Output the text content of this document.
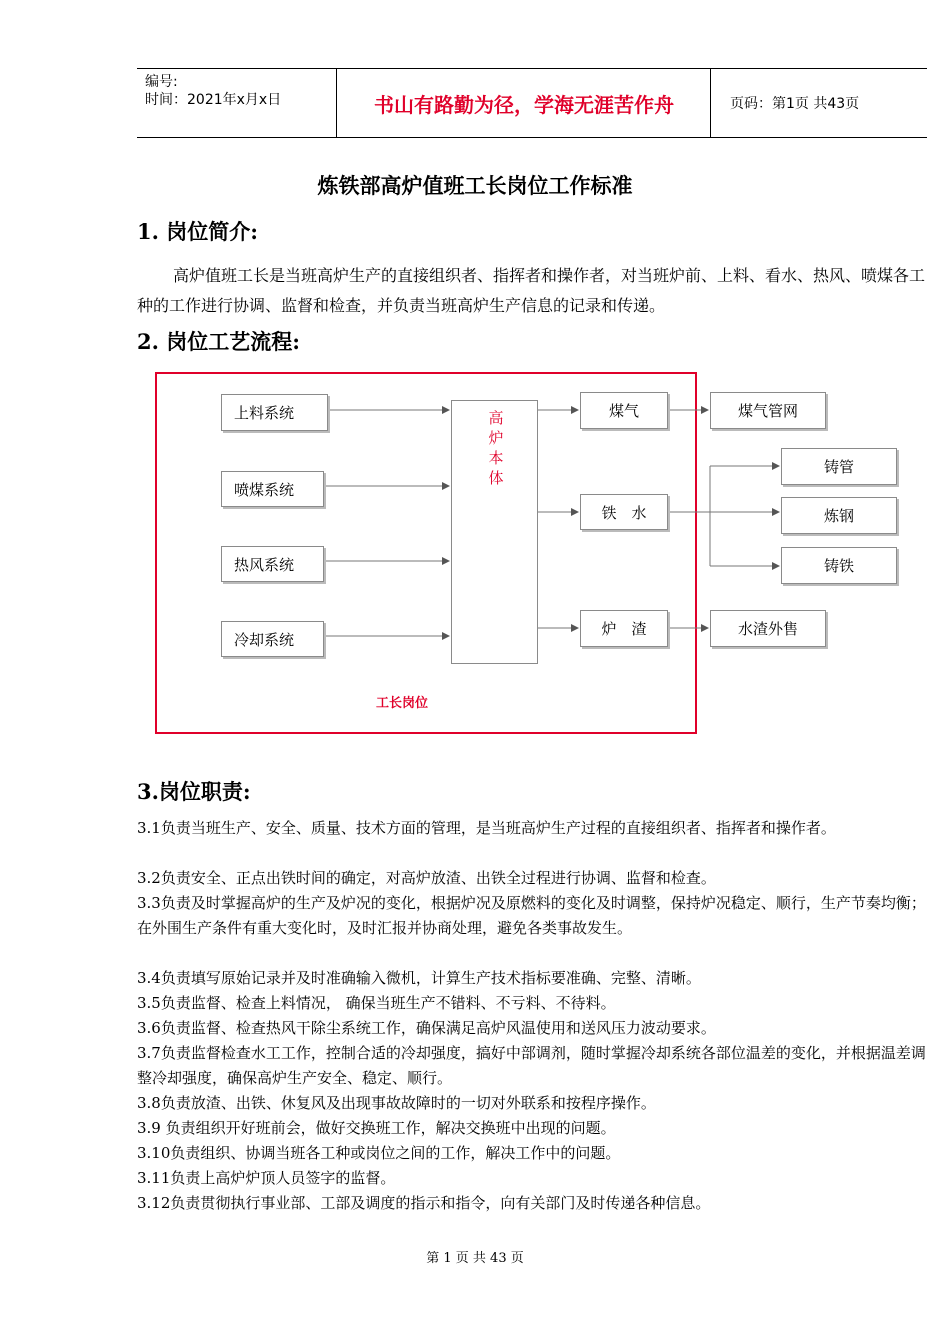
编号:
时间：2021年x月x日	书山有路勤为径，学海无涯苦作舟	页码：第1页 共43页
炼铁部高炉值班工长岗位工作标准
1. 岗位简介:
高炉值班工长是当班高炉生产的直接组织者、指挥者和操作者，对当班炉前、上料、看水、热风、喷煤各工种的工作进行协调、监督和检查，并负责当班高炉生产信息的记录和传递。
2. 岗位工艺流程:
上料系统
喷煤系统
热风系统
冷却系统
高炉本体
煤气
铁　水
炉　渣
煤气管网
水渣外售
铸管
炼钢
铸铁
工长岗位
3.岗位职责:
3.1负责当班生产、安全、质量、技术方面的管理，是当班高炉生产过程的直接组织者、指挥者和操作者。
3.2负责安全、正点出铁时间的确定，对高炉放渣、出铁全过程进行协调、监督和检查。
3.3负责及时掌握高炉的生产及炉况的变化，根据炉况及原燃料的变化及时调整，保持炉况稳定、顺行，生产节奏均衡；在外围生产条件有重大变化时，及时汇报并协商处理，避免各类事故发生。
3.4负责填写原始记录并及时准确输入微机，计算生产技术指标要准确、完整、清晰。
3.5负责监督、检查上料情况， 确保当班生产不错料、不亏料、不待料。
3.6负责监督、检查热风干除尘系统工作，确保满足高炉风温使用和送风压力波动要求。
3.7负责监督检查水工工作，控制合适的冷却强度，搞好中部调剂，随时掌握冷却系统各部位温差的变化，并根据温差调整冷却强度，确保高炉生产安全、稳定、顺行。
3.8负责放渣、出铁、休复风及出现事故故障时的一切对外联系和按程序操作。
3.9 负责组织开好班前会，做好交换班工作，解决交换班中出现的问题。
3.10负责组织、协调当班各工种或岗位之间的工作，解决工作中的问题。
3.11负责上高炉炉顶人员签字的监督。
3.12负责贯彻执行事业部、工部及调度的指示和指令，向有关部门及时传递各种信息。
第 1 页 共 43 页
